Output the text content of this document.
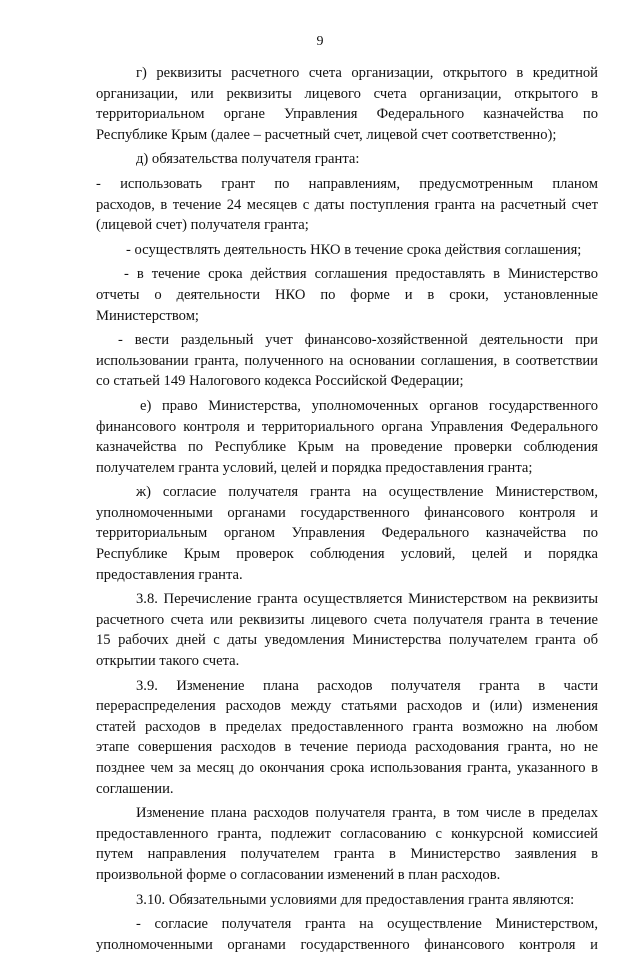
9
г) реквизиты расчетного счета организации, открытого в кредитной
организации, или реквизиты лицевого счета организации, открытого в
территориальном органе Управления Федерального казначейства по
Республике Крым (далее – расчетный счет, лицевой счет соответственно);
д) обязательства получателя гранта:
- использовать грант по направлениям, предусмотренным планом
расходов, в течение 24 месяцев с даты поступления гранта на расчетный счет
(лицевой счет) получателя гранта;
- осуществлять деятельность НКО в течение срока действия соглашения;
- в течение срока действия соглашения предоставлять в Министерство
отчеты о деятельности НКО по форме и в сроки, установленные
Министерством;
- вести раздельный учет финансово-хозяйственной деятельности при
использовании гранта, полученного на основании соглашения, в соответствии
со статьей 149 Налогового кодекса Российской Федерации;
е) право Министерства, уполномоченных органов государственного
финансового контроля и территориального органа Управления Федерального
казначейства по Республике Крым на проведение проверки соблюдения
получателем гранта условий, целей и порядка предоставления гранта;
ж) согласие получателя гранта на осуществление Министерством,
уполномоченными органами государственного финансового контроля и
территориальным органом Управления Федерального казначейства по
Республике Крым проверок соблюдения условий, целей и порядка
предоставления гранта.
3.8. Перечисление гранта осуществляется Министерством на реквизиты
расчетного счета или реквизиты лицевого счета получателя гранта в течение
15 рабочих дней с даты уведомления Министерства получателем гранта об
открытии такого счета.
3.9. Изменение плана расходов получателя гранта в части
перераспределения расходов между статьями расходов и (или) изменения
статей расходов в пределах предоставленного гранта возможно на любом
этапе совершения расходов в течение периода расходования гранта, но не
позднее чем за месяц до окончания срока использования гранта, указанного в
соглашении.
Изменение плана расходов получателя гранта, в том числе в пределах
предоставленного гранта, подлежит согласованию с конкурсной комиссией
путем направления получателем гранта в Министерство заявления в
произвольной форме о согласовании изменений в план расходов.
3.10. Обязательными условиями для предоставления гранта являются:
- согласие получателя гранта на осуществление Министерством,
уполномоченными органами государственного финансового контроля и
